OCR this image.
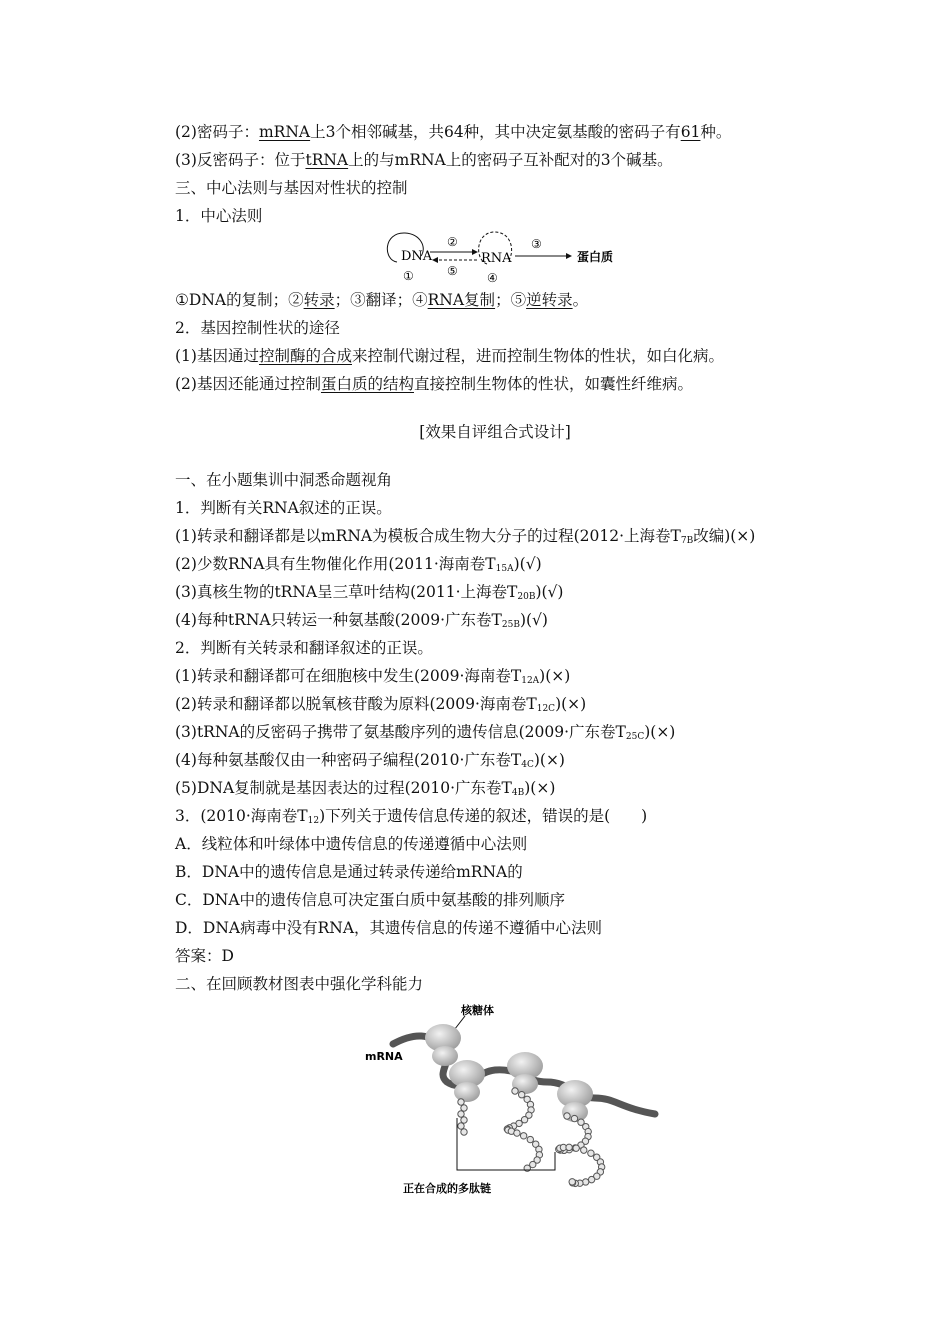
(2)密码子：mRNA上3个相邻碱基，共64种，其中决定氨基酸的密码子有61种。
(3)反密码子：位于tRNA上的与mRNA上的密码子互补配对的3个碱基。
三、中心法则与基因对性状的控制
1．中心法则
DNA
①
②
⑤
RNA
④
③
蛋白质
①DNA的复制；②转录；③翻译；④RNA复制；⑤逆转录。
2．基因控制性状的途径
(1)基因通过控制酶的合成来控制代谢过程，进而控制生物体的性状，如白化病。
(2)基因还能通过控制蛋白质的结构直接控制生物体的性状，如囊性纤维病。
[效果自评组合式设计]
一、在小题集训中洞悉命题视角
1．判断有关RNA叙述的正误。
(1)转录和翻译都是以mRNA为模板合成生物大分子的过程(2012·上海卷$T_{7B}$改编)(×)
(2)少数RNA具有生物催化作用(2011·海南卷$T_{15A})(√)$
(3)真核生物的tRNA呈三草叶结构(2011·上海卷$T_{20B})(√)$
(4)每种tRNA只转运一种氨基酸(2009·广东卷$T_{25B})(√)$
2．判断有关转录和翻译叙述的正误。
(1)转录和翻译都可在细胞核中发生(2009·海南卷$T_{12A})(\times)$
(2)转录和翻译都以脱氧核苷酸为原料(2009·海南卷$T_{12C})(\times)$
(3)tRNA的反密码子携带了氨基酸序列的遗传信息(2009·广东卷$T_{25C})(\times)$
(4)每种氨基酸仅由一种密码子编程(2010·广东卷$T_{4C})(\times)$
(5)DNA复制就是基因表达的过程(2010·广东卷$T_{4B})(\times)$
3．(2010·海南卷$T_{12}$)下列关于遗传信息传递的叙述，错误的是(　　)
A．线粒体和叶绿体中遗传信息的传递遵循中心法则
B．DNA中的遗传信息是通过转录传递给mRNA的
C．DNA中的遗传信息可决定蛋白质中氨基酸的排列顺序
D．DNA病毒中没有RNA，其遗传信息的传递不遵循中心法则
答案：D
二、在回顾教材图表中强化学科能力
核糖体
mRNA
正在合成的多肽链
